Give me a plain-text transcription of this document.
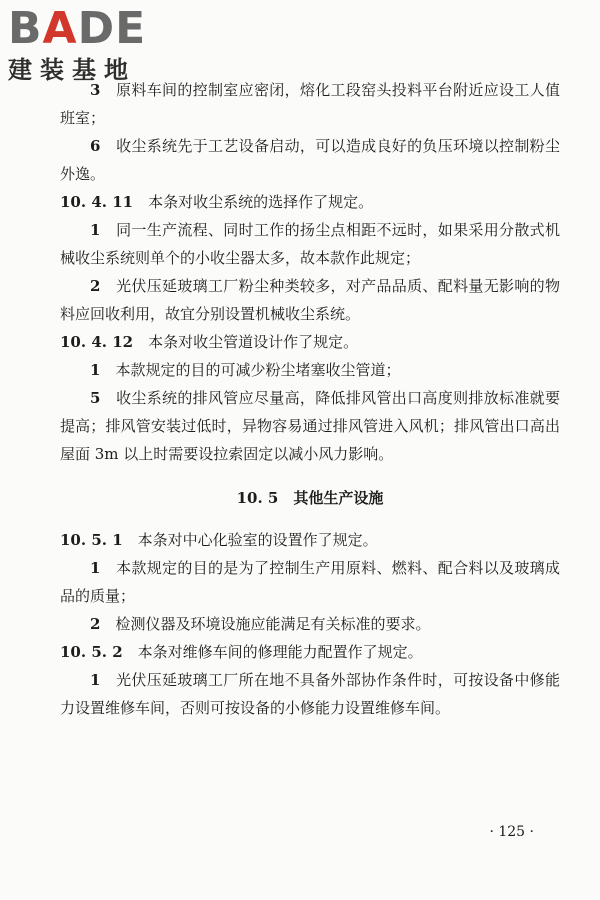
BADE
建装基地

3　 原料车间的控制室应密闭，熔化工段窑头投料平台附近应设工人值班室；

6　 收尘系统先于工艺设备启动，可以造成良好的负压环境以控制粉尘外逸。

10. 4. 11　 本条对收尘系统的选择作了规定。

1　 同一生产流程、同时工作的扬尘点相距不远时，如果采用分散式机械收尘系统则单个的小收尘器太多，故本款作此规定；

2　 光伏压延玻璃工厂粉尘种类较多，对产品品质、配料量无影响的物料应回收利用，故宜分别设置机械收尘系统。

10. 4. 12　 本条对收尘管道设计作了规定。

1　 本款规定的目的可减少粉尘堵塞收尘管道；

5　 收尘系统的排风管应尽量高，降低排风管出口高度则排放标准就要提高；排风管安装过低时，异物容易通过排风管进入风机；排风管出口高出屋面 3m 以上时需要设拉索固定以减小风力影响。

10. 5　其他生产设施

10. 5. 1　 本条对中心化验室的设置作了规定。

1　 本款规定的目的是为了控制生产用原料、燃料、配合料以及玻璃成品的质量；

2　 检测仪器及环境设施应能满足有关标准的要求。

10. 5. 2　 本条对维修车间的修理能力配置作了规定。

1　 光伏压延玻璃工厂所在地不具备外部协作条件时，可按设备中修能力设置维修车间，否则可按设备的小修能力设置维修车间。

· 125 ·
